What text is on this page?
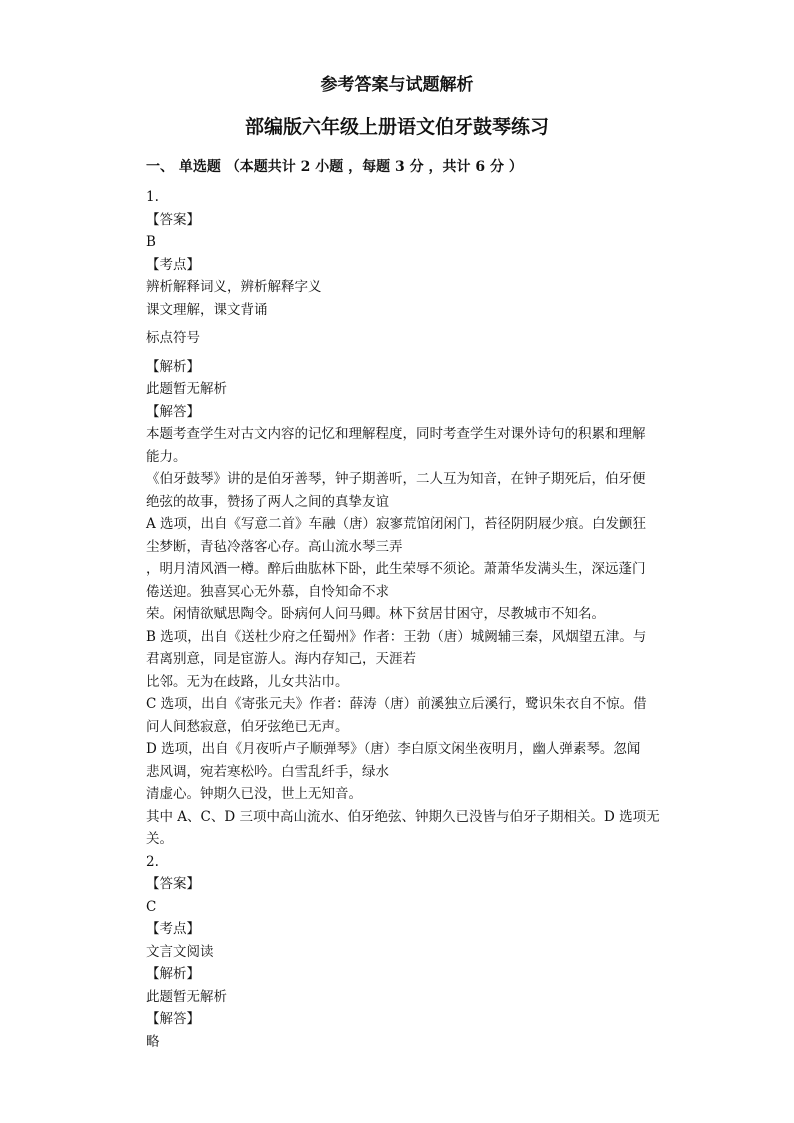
参考答案与试题解析
部编版六年级上册语文伯牙鼓琴练习
一、 单选题 （本题共计 2 小题 ，每题 3 分 ，共计 6 分 ）
1.
【答案】
B
【考点】
辨析解释词义，辨析解释字义
课文理解，课文背诵
标点符号
【解析】
此题暂无解析
【解答】
本题考查学生对古文内容的记忆和理解程度，同时考查学生对课外诗句的积累和理解
能力。
《伯牙鼓琴》讲的是伯牙善琴，钟子期善听，二人互为知音，在钟子期死后，伯牙便
绝弦的故事，赞扬了两人之间的真挚友谊
A 选项，出自《写意二首》车融（唐）寂寥荒馆闭闲门，苔径阴阴屐少痕。白发颤狂
尘梦断，青毡冷落客心存。高山流水琴三弄
，明月清风酒一樽。醉后曲肱林下卧，此生荣辱不须论。萧萧华发满头生，深远蓬门
倦送迎。独喜冥心无外慕，自怜知命不求
荣。闲情欲赋思陶令。卧病何人问马卿。林下贫居甘困守，尽教城市不知名。
B 选项，出自《送杜少府之任蜀州》作者：王勃（唐）城阙辅三秦，风烟望五津。与
君离别意，同是宦游人。海内存知己，天涯若
比邻。无为在歧路，儿女共沾巾。
C 选项，出自《寄张元夫》作者：薛涛（唐）前溪独立后溪行，鹭识朱衣自不惊。借
问人间愁寂意，伯牙弦绝已无声。
D 选项，出自《月夜听卢子顺弹琴》（唐）李白原文闲坐夜明月，幽人弹素琴。忽闻
悲风调，宛若寒松吟。白雪乱纤手，绿水
清虚心。钟期久已没，世上无知音。
其中 A、C、D 三项中高山流水、伯牙绝弦、钟期久已没皆与伯牙子期相关。D 选项无
关。
2.
【答案】
C
【考点】
文言文阅读
【解析】
此题暂无解析
【解答】
略
